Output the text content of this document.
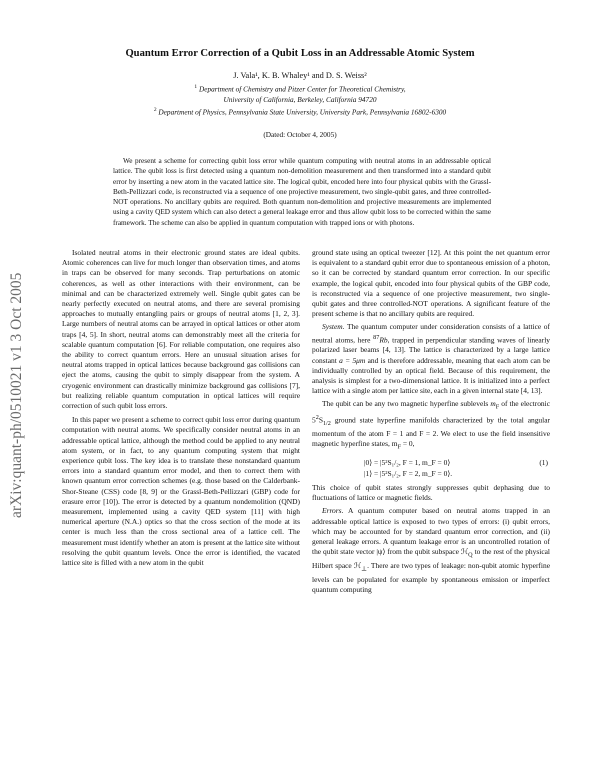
arXiv:quant-ph/0510021 v1 3 Oct 2005
Quantum Error Correction of a Qubit Loss in an Addressable Atomic System

J. Vala¹, K. B. Whaley¹ and D. S. Weiss²

$^1$ Department of Chemistry and Pitzer Center for Theoretical Chemistry,
University of California, Berkeley, California 94720
$^2$ Department of Physics, Pennsylvania State University, University Park, Pennsylvania 16802-6300

(Dated: October 4, 2005)

We present a scheme for correcting qubit loss error while quantum computing with neutral atoms in an addressable optical lattice. The qubit loss is first detected using a quantum non-demolition measurement and then transformed into a standard qubit error by inserting a new atom in the vacated lattice site. The logical qubit, encoded here into four physical qubits with the Grassl-Beth-Pellizzari code, is reconstructed via a sequence of one projective measurement, two single-qubit gates, and three controlled-NOT operations. No ancillary qubits are required. Both quantum non-demolition and projective measurements are implemented using a cavity QED system which can also detect a general leakage error and thus allow qubit loss to be corrected within the same framework. The scheme can also be applied in quantum computation with trapped ions or with photons.

Isolated neutral atoms in their electronic ground states are ideal qubits. Atomic coherences can live for much longer than observation times, and atoms in traps can be observed for many seconds. Trap perturbations on atomic coherences, as well as other interactions with their environment, can be minimal and can be characterized extremely well. Single qubit gates can be nearly perfectly executed on neutral atoms, and there are several promising approaches to mutually entangling pairs or groups of neutral atoms [1, 2, 3]. Large numbers of neutral atoms can be arrayed in optical lattices or other atom traps [4, 5]. In short, neutral atoms can demonstrably meet all the criteria for scalable quantum computation [6]. For reliable computation, one requires also the ability to correct quantum errors. Here an unusual situation arises for neutral atoms trapped in optical lattices because background gas collisions can eject the atoms, causing the qubit to simply disappear from the system. A cryogenic environment can drastically minimize background gas collisions [7], but realizing reliable quantum computation in optical lattices will require correction of such qubit loss errors.

In this paper we present a scheme to correct qubit loss error during quantum computation with neutral atoms. We specifically consider neutral atoms in an addressable optical lattice, although the method could be applied to any neutral atom system, or in fact, to any quantum computing system that might experience qubit loss. The key idea is to translate these nonstandard quantum errors into a standard quantum error model, and then to correct them with known quantum error correction schemes (e.g. those based on the Calderbank-Shor-Steane (CSS) code [8, 9] or the Grassl-Beth-Pellizzari (GBP) code for erasure error [10]). The error is detected by a quantum nondemolition (QND) measurement, implemented using a cavity QED system [11] with high numerical aperture (N.A.) optics so that the cross section of the mode at its center is much less than the cross sectional area of a lattice cell. The measurement must identify whether an atom is present at the lattice site without resolving the qubit quantum levels. Once the error is identified, the vacated lattice site is filled with a new atom in the qubit

ground state using an optical tweezer [12]. At this point the net quantum error is equivalent to a standard qubit error due to spontaneous emission of a photon, so it can be corrected by standard quantum error correction. In our specific example, the logical qubit, encoded into four physical qubits of the GBP code, is reconstructed via a sequence of one projective measurement, two single-qubit gates and three controlled-NOT operations. A significant feature of the present scheme is that no ancillary qubits are required.

System. The quantum computer under consideration consists of a lattice of neutral atoms, here $^{87}$Rb, trapped in perpendicular standing waves of linearly polarized laser beams [4, 13]. The lattice is characterized by a large lattice constant a = 5μm and is therefore addressable, meaning that each atom can be individually controlled by an optical field. Because of this requirement, the analysis is simplest for a two-dimensional lattice. It is initialized into a perfect lattice with a single atom per lattice site, each in a given internal state [4, 13].

The qubit can be any two magnetic hyperfine sublevels $m_F$ of the electronic $5^2S_{1/2}$ ground state hyperfine manifolds characterized by the total angular momentum of the atom F = 1 and F = 2. We elect to use the field insensitive magnetic hyperfine states, $m_F = 0$,

|0⟩ = |5²S₁/₂, F = 1, m_F = 0⟩
|1⟩ = |5²S₁/₂, F = 2, m_F = 0⟩.
(1)

This choice of qubit states strongly suppresses qubit dephasing due to fluctuations of lattice or magnetic fields.

Errors. A quantum computer based on neutral atoms trapped in an addressable optical lattice is exposed to two types of errors: (i) qubit errors, which may be accounted for by standard quantum error correction, and (ii) general leakage errors. A quantum leakage error is an uncontrolled rotation of the qubit state vector |ψ⟩ from the qubit subspace ℋ$_Q$ to the rest of the physical Hilbert space ℋ$_\perp$. There are two types of leakage: non-qubit atomic hyperfine levels can be populated for example by spontaneous emission or imperfect quantum computing
